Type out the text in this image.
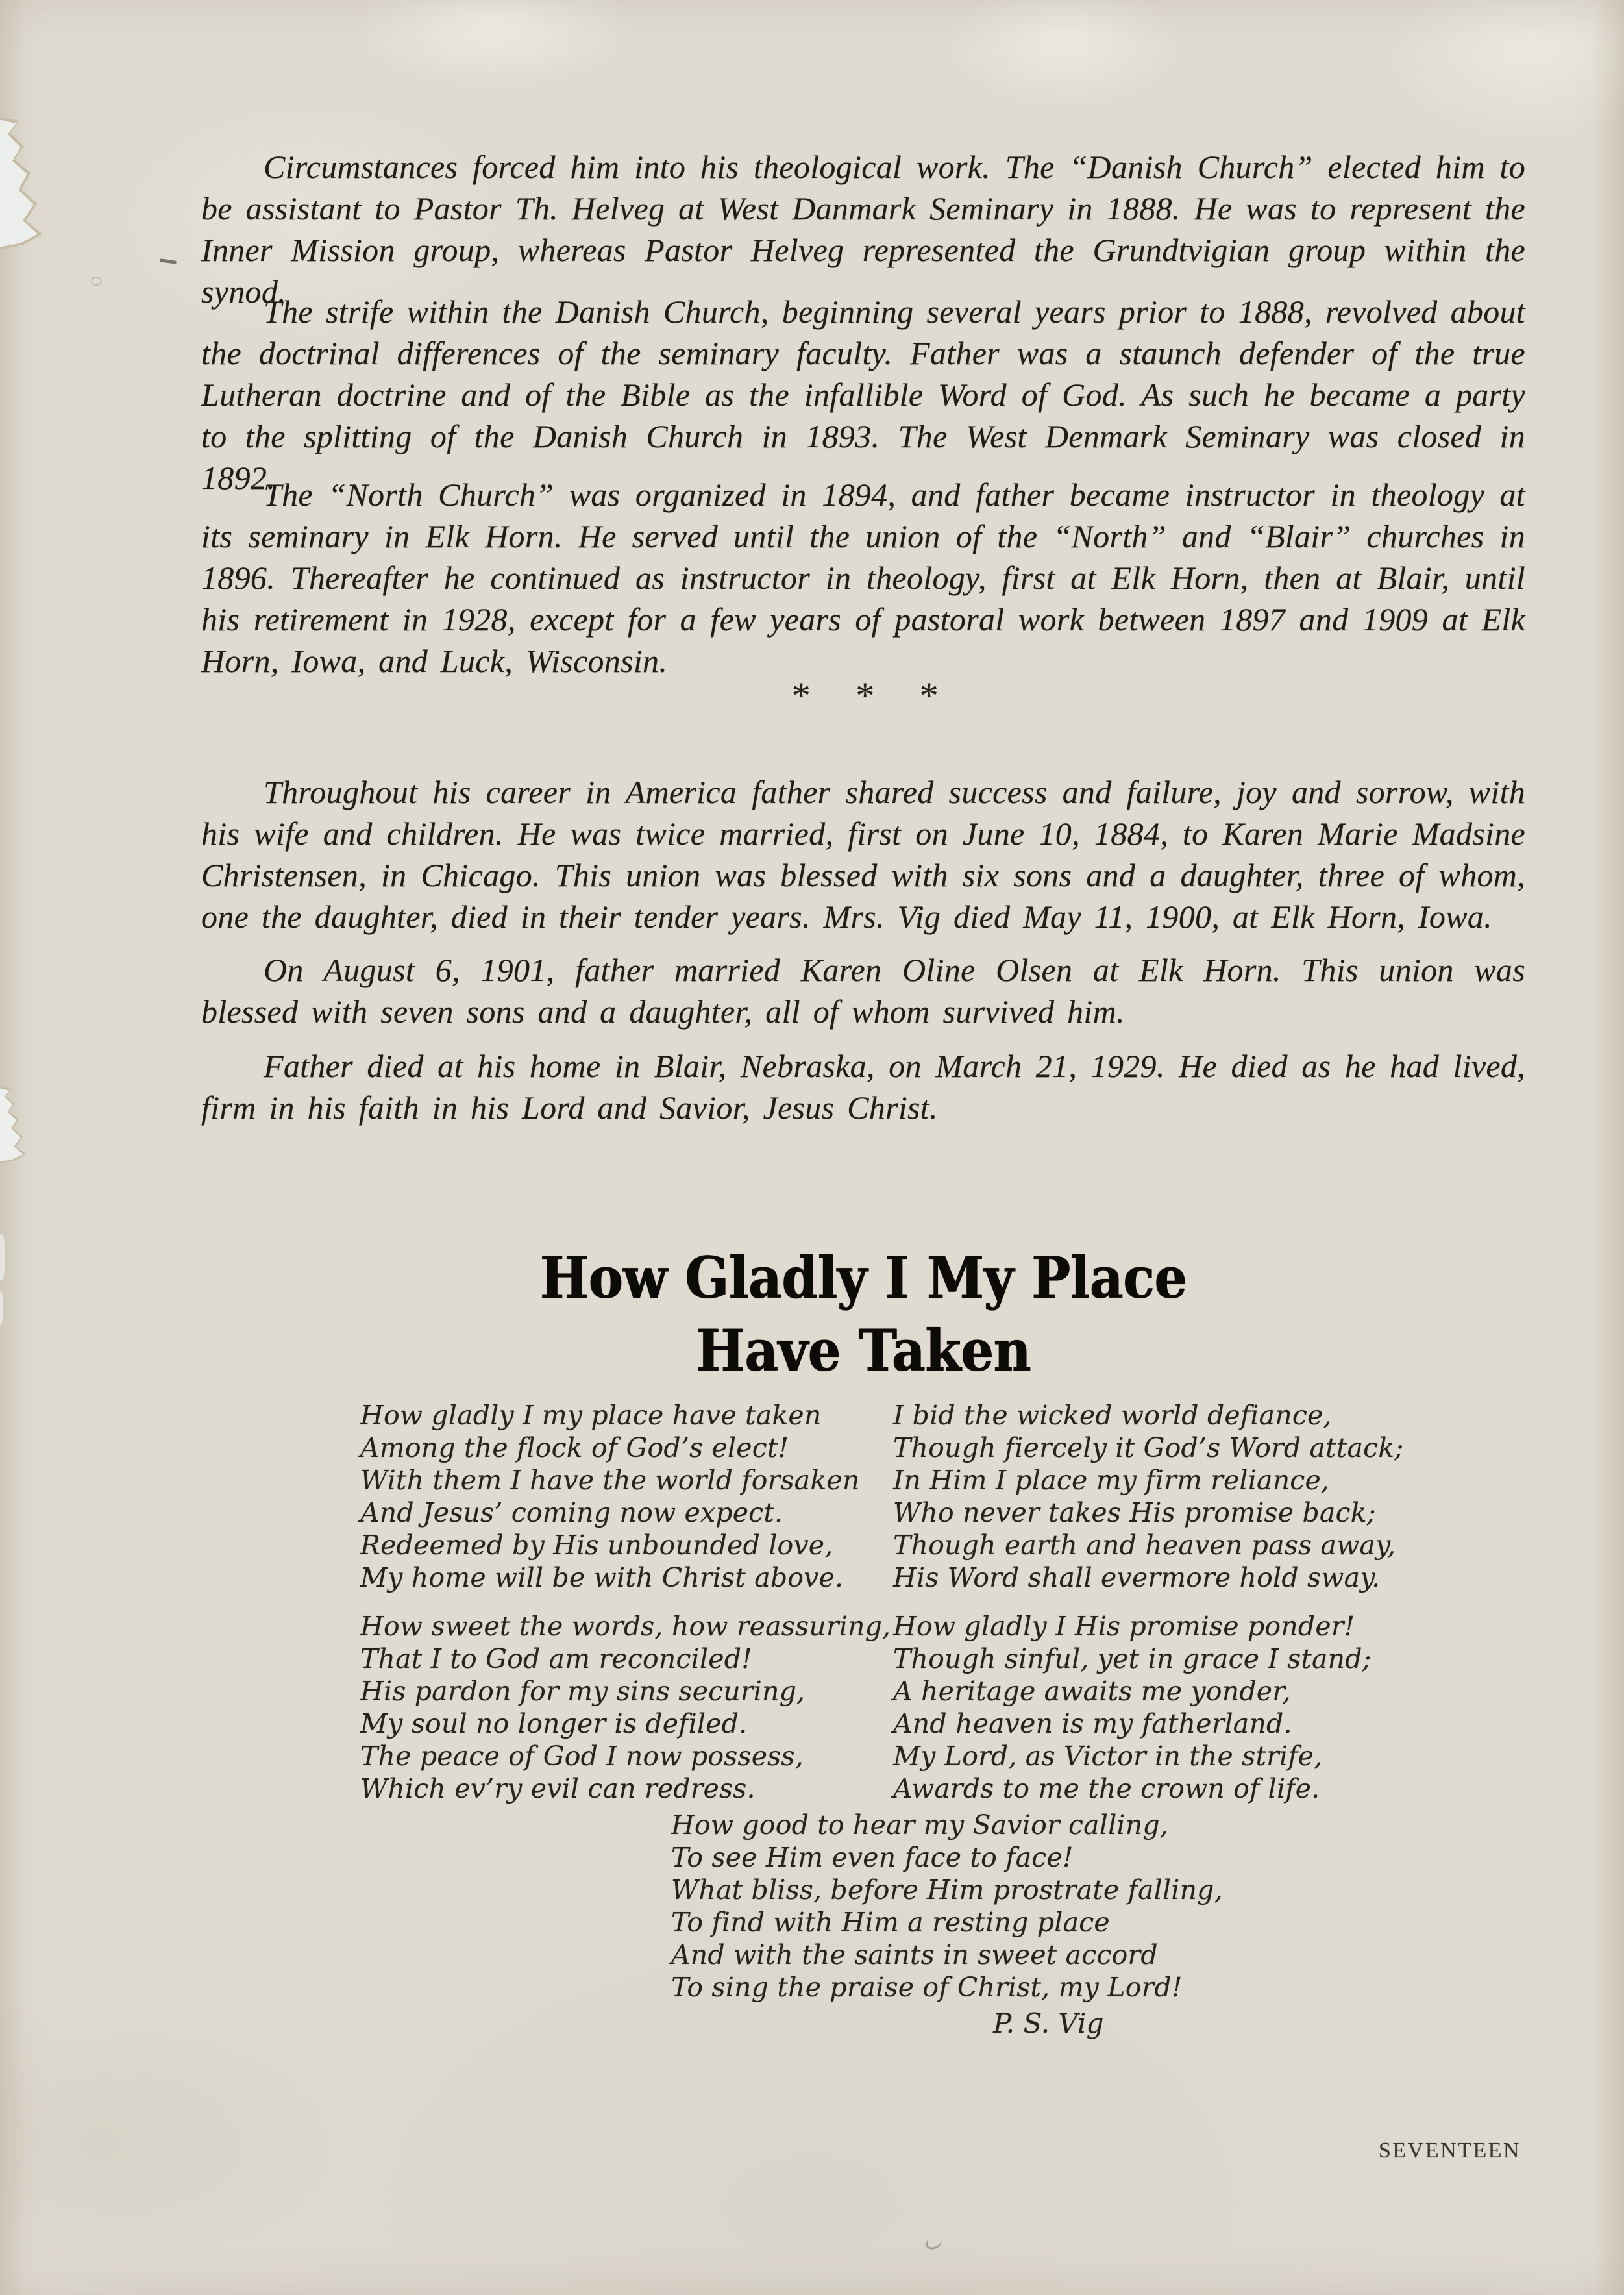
Circumstances forced him into his theological work. The “Danish Church” elected him to be assistant to Pastor Th. Helveg at West Danmark Seminary in 1888. He was to represent the Inner Mission group, whereas Pastor Helveg represented the Grundtvigian group within the synod.

The strife within the Danish Church, beginning several years prior to 1888, revolved about the doctrinal differences of the seminary faculty. Father was a staunch defender of the true Lutheran doctrine and of the Bible as the infallible Word of God. As such he became a party to the splitting of the Danish Church in 1893. The West Denmark Seminary was closed in 1892.

The “North Church” was organized in 1894, and father became instructor in theology at its seminary in Elk Horn. He served until the union of the “North” and “Blair” churches in 1896. Thereafter he continued as instructor in theology, first at Elk Horn, then at Blair, until his retirement in 1928, except for a few years of pastoral work between 1897 and 1909 at Elk Horn, Iowa, and Luck, Wisconsin.

* * *

Throughout his career in America father shared success and failure, joy and sorrow, with his wife and children. He was twice married, first on June 10, 1884, to Karen Marie Madsine Christensen, in Chicago. This union was blessed with six sons and a daughter, three of whom, one the daughter, died in their tender years. Mrs. Vig died May 11, 1900, at Elk Horn, Iowa.

On August 6, 1901, father married Karen Oline Olsen at Elk Horn. This union was blessed with seven sons and a daughter, all of whom survived him.

Father died at his home in Blair, Nebraska, on March 21, 1929. He died as he had lived, firm in his faith in his Lord and Savior, Jesus Christ.

How Gladly I My Place
Have Taken
How gladly I my place have taken
Among the flock of God’s elect!
With them I have the world forsaken
And Jesus’ coming now expect.
Redeemed by His unbounded love,
My home will be with Christ above.
How sweet the words, how reassuring,
That I to God am reconciled!
His pardon for my sins securing,
My soul no longer is defiled.
The peace of God I now possess,
Which ev’ry evil can redress.
I bid the wicked world defiance,
Though fiercely it God’s Word attack;
In Him I place my firm reliance,
Who never takes His promise back;
Though earth and heaven pass away,
His Word shall evermore hold sway.
How gladly I His promise ponder!
Though sinful, yet in grace I stand;
A heritage awaits me yonder,
And heaven is my fatherland.
My Lord, as Victor in the strife,
Awards to me the crown of life.
How good to hear my Savior calling,
To see Him even face to face!
What bliss, before Him prostrate falling,
To find with Him a resting place
And with the saints in sweet accord
To sing the praise of Christ, my Lord!
P. S. Vig
SEVENTEEN
